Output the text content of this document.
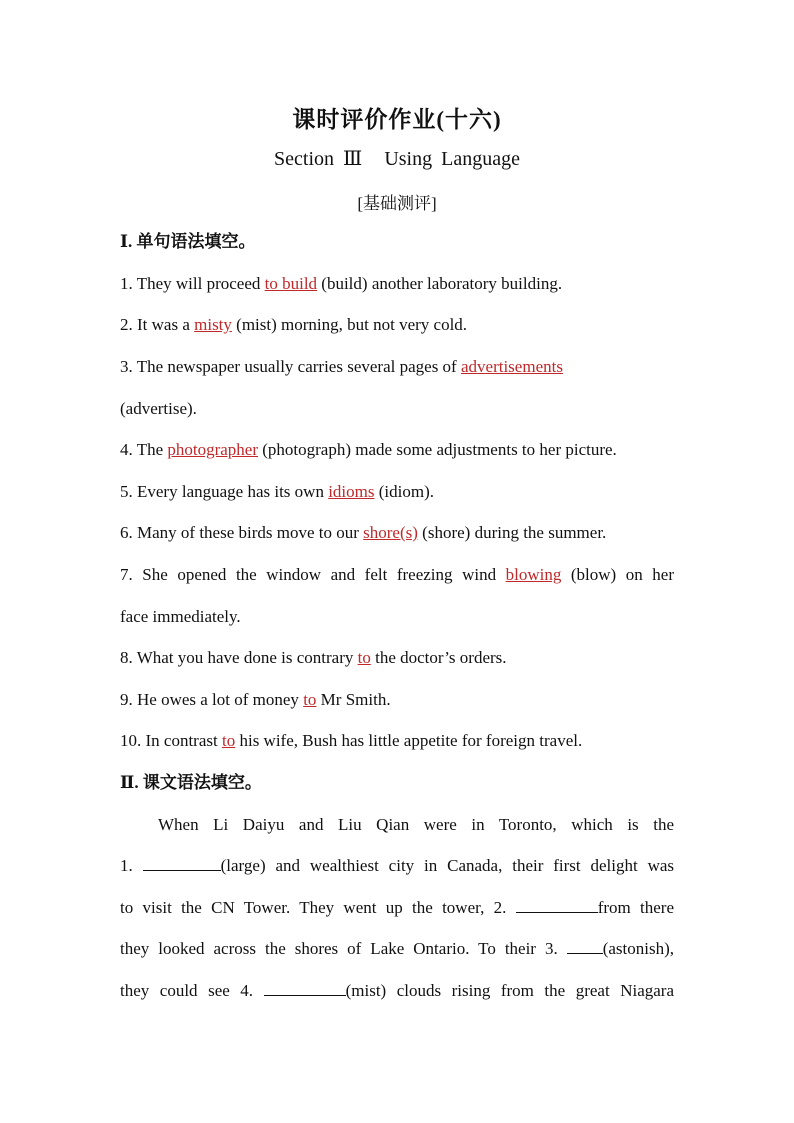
课时评价作业(十六)
Section Ⅲ Using Language
[基础测评]
Ⅰ. 单句语法填空。
1. They will proceed to build (build) another laboratory building.
2. It was a misty (mist) morning, but not very cold.
3. The newspaper usually carries several pages of advertisements
(advertise).
4. The photographer (photograph) made some adjustments to her picture.
5. Every language has its own idioms (idiom).
6. Many of these birds move to our shore(s) (shore) during the summer.
7. She opened the window and felt freezing wind blowing (blow) on her
face immediately.
8. What you have done is contrary to the doctor’s orders.
9. He owes a lot of money to Mr Smith.
10. In contrast to his wife, Bush has little appetite for foreign travel.
Ⅱ. 课文语法填空。
When Li Daiyu and Liu Qian were in Toronto, which is the
1.	(large) and wealthiest city in Canada, their first delight was
to visit the CN Tower. They went up the tower, 2.	from there
they looked across the shores of Lake Ontario. To their 3.	(astonish),
they could see 4.	(mist) clouds rising from the great Niagara
